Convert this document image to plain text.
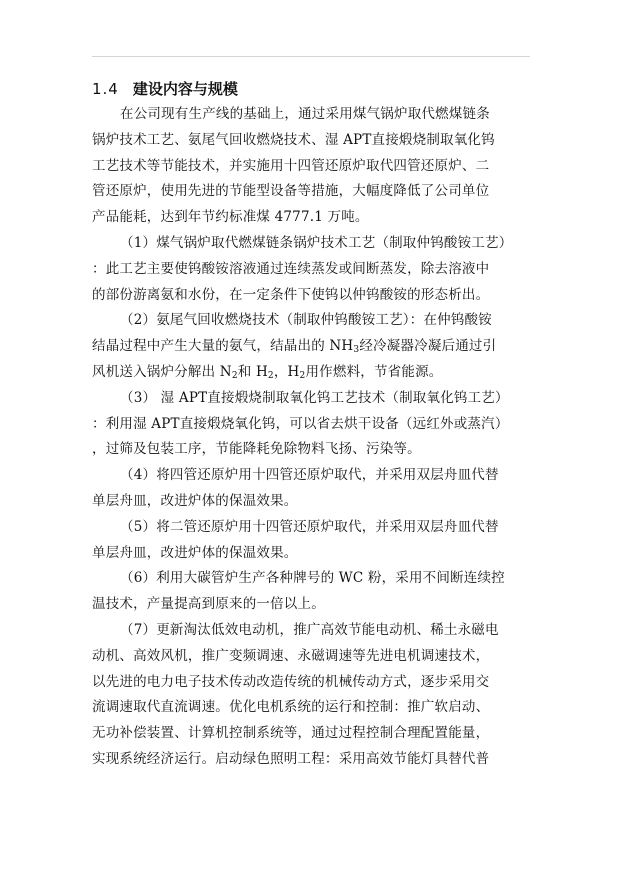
1.4 建设内容与规模
在公司现有生产线的基础上，通过采用煤气锅炉取代燃煤链条
锅炉技术工艺、氨尾气回收燃烧技术、湿 APT直接煅烧制取氧化钨
工艺技术等节能技术，并实施用十四管还原炉取代四管还原炉、二
管还原炉，使用先进的节能型设备等措施，大幅度降低了公司单位
产品能耗，达到年节约标准煤 4777.1 万吨。
（1）煤气锅炉取代燃煤链条锅炉技术工艺（制取仲钨酸铵工艺）
：此工艺主要使钨酸铵溶液通过连续蒸发或间断蒸发，除去溶液中
的部份游离氨和水份，在一定条件下使钨以仲钨酸铵的形态析出。
（2）氨尾气回收燃烧技术（制取仲钨酸铵工艺）：在仲钨酸铵
结晶过程中产生大量的氨气，结晶出的 $NH_3$经冷凝器冷凝后通过引
风机送入锅炉分解出 $N_2$和 $H_2$，$H_2$用作燃料，节省能源。
（3） 湿 APT直接煅烧制取氧化钨工艺技术（制取氧化钨工艺）
：利用湿 APT直接煅烧氧化钨，可以省去烘干设备（远红外或蒸汽）
，过筛及包装工序，节能降耗免除物料飞扬、污染等。
（4）将四管还原炉用十四管还原炉取代，并采用双层舟皿代替
单层舟皿，改进炉体的保温效果。
（5）将二管还原炉用十四管还原炉取代，并采用双层舟皿代替
单层舟皿，改进炉体的保温效果。
（6）利用大碳管炉生产各种牌号的 WC 粉，采用不间断连续控
温技术，产量提高到原来的一倍以上。
（7）更新淘汰低效电动机，推广高效节能电动机、稀土永磁电
动机、高效风机，推广变频调速、永磁调速等先进电机调速技术，
以先进的电力电子技术传动改造传统的机械传动方式，逐步采用交
流调速取代直流调速。优化电机系统的运行和控制：推广软启动、
无功补偿装置、计算机控制系统等，通过过程控制合理配置能量，
实现系统经济运行。启动绿色照明工程：采用高效节能灯具替代普
